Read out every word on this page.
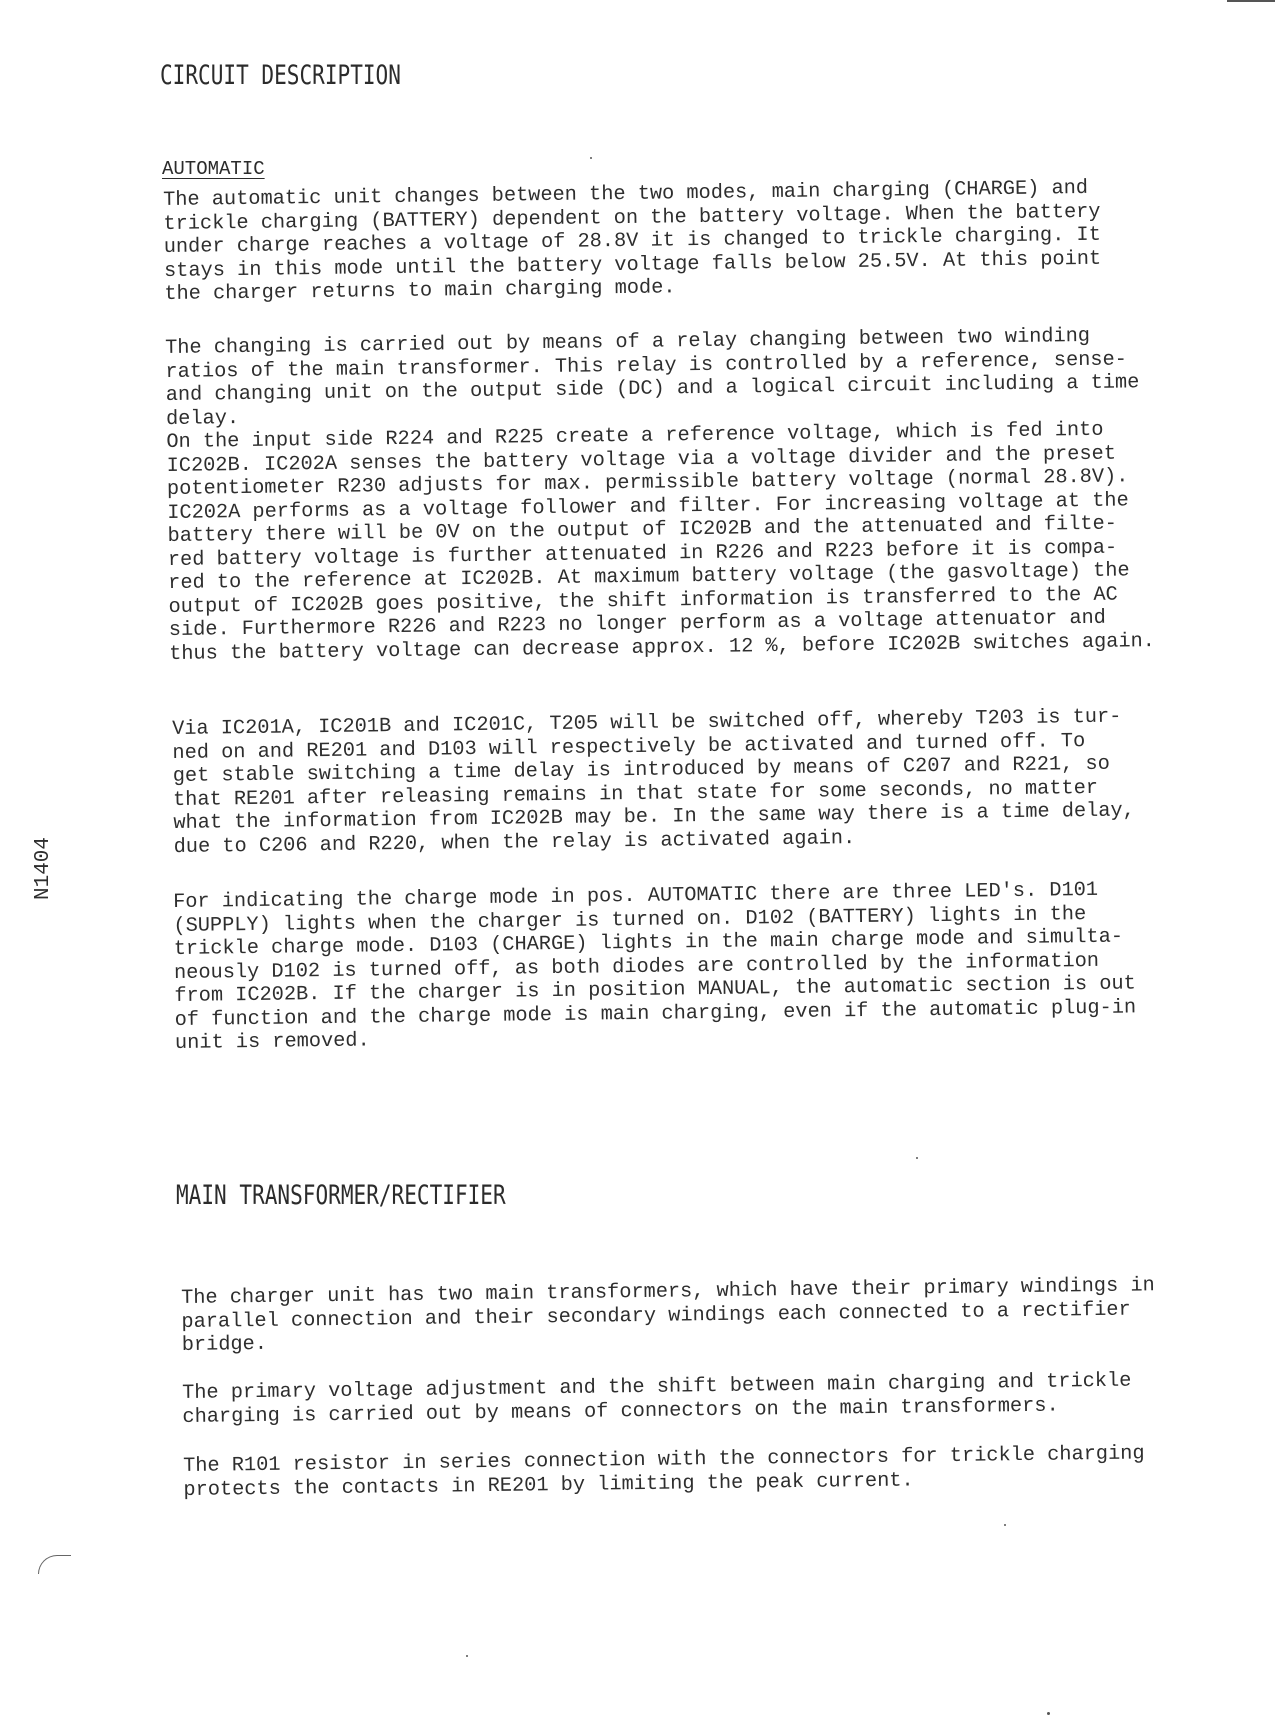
CIRCUIT DESCRIPTION
AUTOMATIC
The automatic unit changes between the two modes, main charging (CHARGE) and
trickle charging (BATTERY) dependent on the battery voltage. When the battery
under charge reaches a voltage of 28.8V it is changed to trickle charging. It
stays in this mode until the battery voltage falls below 25.5V. At this point
the charger returns to main charging mode.
The changing is carried out by means of a relay changing between two winding
ratios of the main transformer. This relay is controlled by a reference, sense-
and changing unit on the output side (DC) and a logical circuit including a time
delay.
On the input side R224 and R225 create a reference voltage, which is fed into
IC202B. IC202A senses the battery voltage via a voltage divider and the preset
potentiometer R230 adjusts for max. permissible battery voltage (normal 28.8V).
IC202A performs as a voltage follower and filter. For increasing voltage at the
battery there will be 0V on the output of IC202B and the attenuated and filte-
red battery voltage is further attenuated in R226 and R223 before it is compa-
red to the reference at IC202B. At maximum battery voltage (the gasvoltage) the
output of IC202B goes positive, the shift information is transferred to the AC
side. Furthermore R226 and R223 no longer perform as a voltage attenuator and
thus the battery voltage can decrease approx. 12 %, before IC202B switches again.
Via IC201A, IC201B and IC201C, T205 will be switched off, whereby T203 is tur-
ned on and RE201 and D103 will respectively be activated and turned off. To
get stable switching a time delay is introduced by means of C207 and R221, so
that RE201 after releasing remains in that state for some seconds, no matter
what the information from IC202B may be. In the same way there is a time delay,
due to C206 and R220, when the relay is activated again.
For indicating the charge mode in pos. AUTOMATIC there are three LED's. D101
(SUPPLY) lights when the charger is turned on. D102 (BATTERY) lights in the
trickle charge mode. D103 (CHARGE) lights in the main charge mode and simulta-
neously D102 is turned off, as both diodes are controlled by the information
from IC202B. If the charger is in position MANUAL, the automatic section is out
of function and the charge mode is main charging, even if the automatic plug-in
unit is removed.
MAIN TRANSFORMER/RECTIFIER
The charger unit has two main transformers, which have their primary windings in
parallel connection and their secondary windings each connected to a rectifier
bridge.
The primary voltage adjustment and the shift between main charging and trickle
charging is carried out by means of connectors on the main transformers.
The R101 resistor in series connection with the connectors for trickle charging
protects the contacts in RE201 by limiting the peak current.
N1404
